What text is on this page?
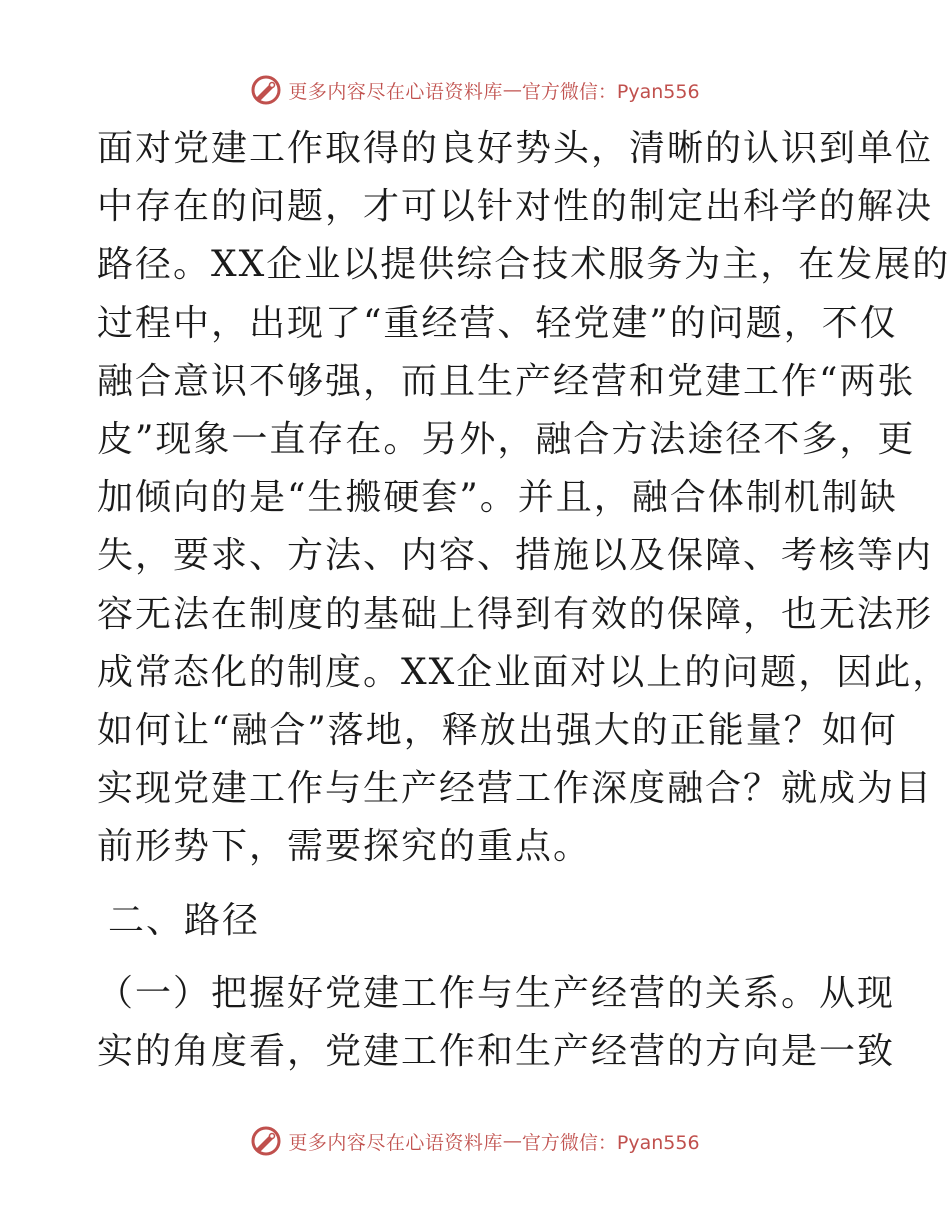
更多内容尽在心语资料库 — 官方微信：Pyan556
面对党建工作取得的良好势头，清晰的认识到单位
中存在的问题，才可以针对性的制定出科学的解决
路径。XX企业以提供综合技术服务为主，在发展的
过程中，出现了“重经营、轻党建”的问题，不仅
融合意识不够强，而且生产经营和党建工作“两张
皮”现象一直存在。另外，融合方法途径不多，更
加倾向的是“生搬硬套”。并且，融合体制机制缺
失，要求、方法、内容、措施以及保障、考核等内
容无法在制度的基础上得到有效的保障，也无法形
成常态化的制度。XX企业面对以上的问题，因此，
如何让“融合”落地，释放出强大的正能量？如何
实现党建工作与生产经营工作深度融合？就成为目
前形势下，需要探究的重点。
二、路径
（一）把握好党建工作与生产经营的关系。从现
实的角度看，党建工作和生产经营的方向是一致
更多内容尽在心语资料库 — 官方微信：Pyan556
